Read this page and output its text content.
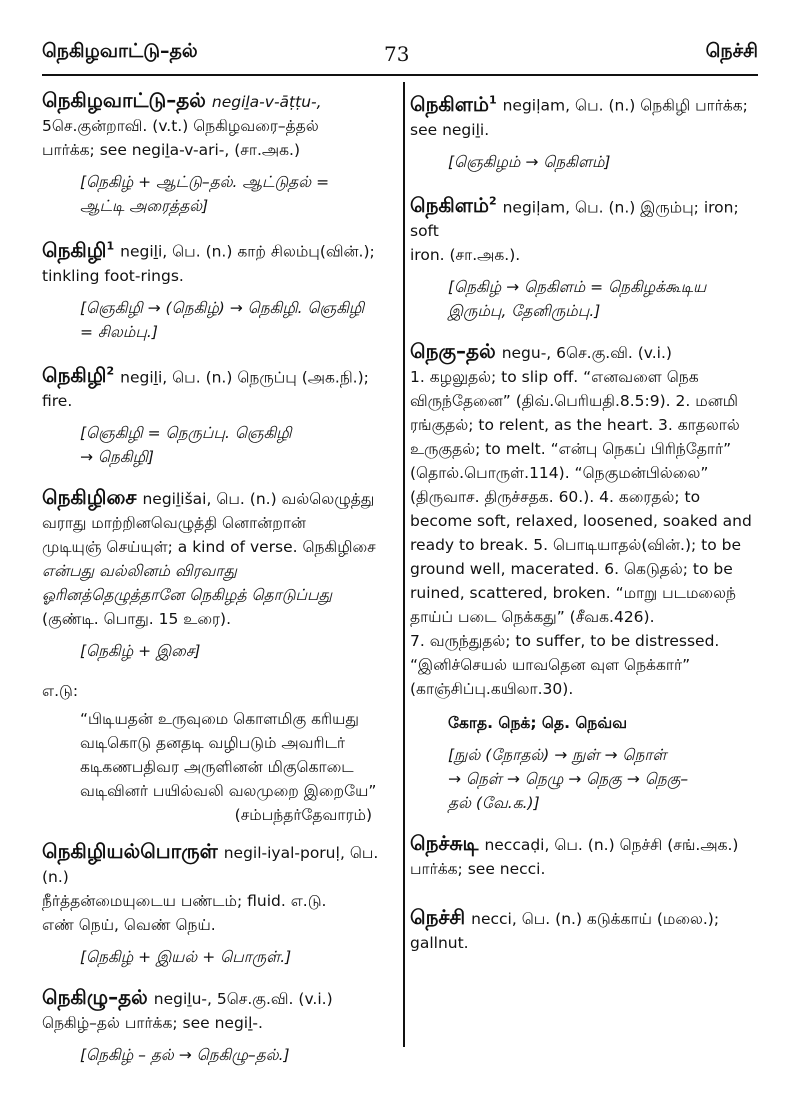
நெகிழவாட்டு–தல்	73	நெச்சி
நெகிழவாட்டு–தல் negiḻa-v-āṭṭu-,
5செ.குன்றாவி. (v.t.) நெகிழவரை–த்தல்
பார்க்க; see negiḻa-v-ari-, (சா.அக.)
[நெகிழ் + ஆட்டு–தல். ஆட்டுதல் =
ஆட்டி அரைத்தல்]
நெகிழி$^1$ negiḻi, பெ. (n.) காற் சிலம்பு(வின்.);
tinkling foot-rings.
[ஞெகிழி → (நெகிழ்) → நெகிழி. ஞெகிழி
= சிலம்பு.]
நெகிழி$^2$ negiḻi, பெ. (n.) நெருப்பு (அக.நி.); fire.
[ஞெகிழி = நெருப்பு. ஞெகிழி
→ நெகிழி]
நெகிழிசை negiḻišai, பெ. (n.) வல்லெழுத்து
வராது மாற்றினவெழுத்தி னொன்றான்
முடியுஞ் செய்யுள்; a kind of verse. நெகிழிசை
என்பது வல்லினம் விரவாது
ஓரினத்தெழுத்தானே நெகிழத் தொடுப்பது
(குண்டி. பொது. 15 உரை).
[நெகிழ் + இசை]
எ.டு:
“பிடியதன் உருவுமை கொளமிகு கரியது
வடிகொடு தனதடி வழிபடும் அவரிடர்
கடிகணபதிவர அருளினன் மிகுகொடை
வடிவினர் பயில்வலி வலமுறை இறையே”
(சம்பந்தர்தேவாரம்)
நெகிழியல்பொருள் negil-iyal-poruḷ, பெ. (n.)
நீர்த்தன்மையுடைய பண்டம்; fluid. எ.டு.
எண் நெய், வெண் நெய்.
[நெகிழ் + இயல் + பொருள்.]
நெகிழு–தல் negiḻu-, 5செ.கு.வி. (v.i.)
நெகிழ்–தல் பார்க்க; see negiḻ-.
[நெகிழ் – தல் → நெகிழு–தல்.]
நெகிளம்$^1$ negiḷam, பெ. (n.) நெகிழி பார்க்க;
see negiḻi.
[ஞெகிழம் → நெகிளம்]
நெகிளம்$^2$ negiḷam, பெ. (n.) இரும்பு; iron; soft
iron. (சா.அக.).
[நெகிழ் → நெகிளம் = நெகிழக்கூடிய
இரும்பு, தேனிரும்பு.]
நெகு–தல் negu-, 6செ.கு.வி. (v.i.)
1. கழலுதல்; to slip off. “எனவளை நெக
விருந்தேனை” (திவ்.பெரியதி.8.5:9). 2. மனமி
ரங்குதல்; to relent, as the heart. 3. காதலால்
உருகுதல்; to melt. “என்பு நெகப் பிரிந்தோர்”
(தொல்.பொருள்.114). “நெகுமன்பில்லை”
(திருவாச. திருச்சதக. 60.). 4. கரைதல்; to
become soft, relaxed, loosened, soaked and
ready to break. 5. பொடியாதல்(வின்.); to be
ground well, macerated. 6. கெடுதல்; to be
ruined, scattered, broken. “மாறு படமலைந்
தாய்ப் படை நெக்கது” (சீவக.426).
7. வருந்துதல்; to suffer, to be distressed.
“இனிச்செயல் யாவதென வுள நெக்கார்”
(காஞ்சிப்பு.கயிலா.30).
கோத. நெக்; தெ. நெவ்வ
[நுல் (நோதல்) → நுள் → நொள்
→ நெள் → நெழு → நெகு → நெகு–
தல் (வே.க.)]
நெச்சுடி neccaḍi, பெ. (n.) நெச்சி (சங்.அக.)
பார்க்க; see necci.
நெச்சி necci, பெ. (n.) கடுக்காய் (மலை.);
gallnut.
